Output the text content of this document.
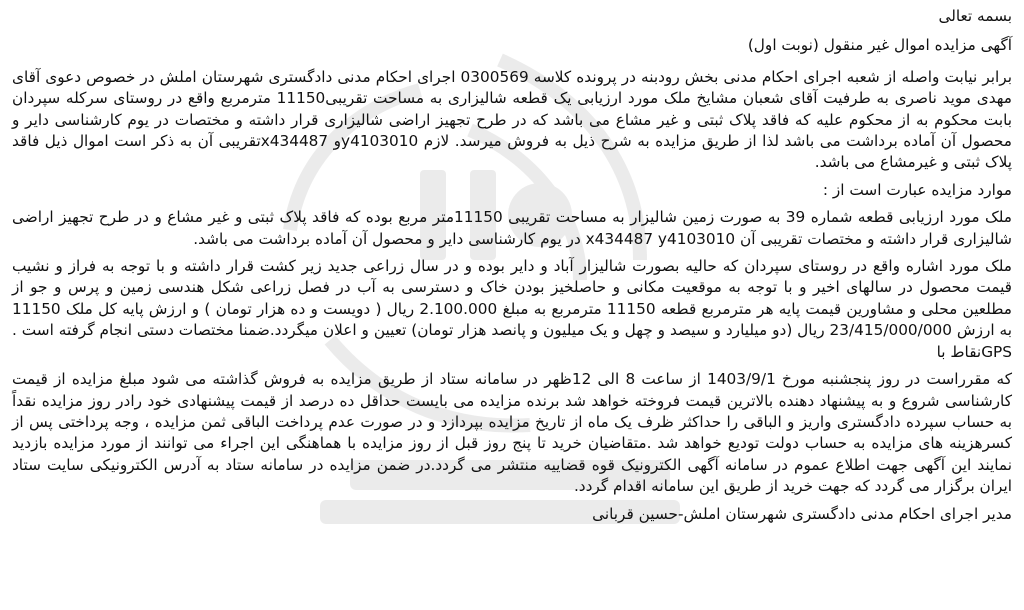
بسمه تعالی

آگهی مزایده اموال غیر منقول (نوبت اول)

برابر نیابت واصله از شعبه اجرای احکام مدنی بخش رودبنه در پرونده کلاسه 0300569 اجرای احکام مدنی دادگستری شهرستان املش در خصوص دعوی آقای مهدی موید ناصری به طرفیت آقای شعبان مشایخ ملک مورد ارزیابی یک قطعه شالیزاری به مساحت تقریبی11150 مترمربع واقع در روستای سرکله سپردان بابت محکوم به از محکوم علیه که فاقد پلاک ثبتی و غیر مشاع می باشد که در طرح تجهیز اراضی شالیزاری قرار داشته و مختصات در یوم کارشناسی دایر و محصول آن آماده برداشت می باشد لذا از طریق مزایده به شرح ذیل به فروش میرسد. لازم y4103010و x434487تقریبی آن به ذکر است اموال ذیل فاقد پلاک ثبتی و غیرمشاع می باشد.

موارد مزایده عبارت است از :

ملک مورد ارزیابی قطعه شماره 39 به صورت زمین شالیزار به مساحت تقریبی 11150متر مربع بوده که فاقد پلاک ثبتی و غیر مشاع و در طرح تجهیز اراضی شالیزاری قرار داشته و مختصات تقریبی آن x434487 y4103010 در یوم کارشناسی دایر و محصول آن آماده برداشت می باشد.

ملک مورد اشاره واقع در روستای سپردان که حالیه بصورت شالیزار آباد و دایر بوده و در سال زراعی جدید زیر کشت قرار داشته و با توجه به فراز و نشیب قیمت محصول در سالهای اخیر و با توجه به موقعیت مکانی و حاصلخیز بودن خاک و دسترسی به آب در فصل زراعی شکل هندسی زمین و پرس و جو از مطلعین محلی و مشاورین قیمت پایه هر مترمربع قطعه 11150 مترمربع به مبلغ 2.100.000 ریال ( دویست و ده هزار تومان ) و ارزش پایه کل ملک 11150 به ارزش 23/415/000/000 ریال (دو میلیارد و سیصد و چهل و یک میلیون و پانصد هزار تومان) تعیین و اعلان میگردد.ضمنا مختصات دستی انجام گرفته است . GPSنقاط با

که مقرراست در روز پنجشنبه مورخ 1403/9/1 از ساعت 8 الی 12ظهر در سامانه ستاد از طریق مزایده به فروش گذاشته می شود مبلغ مزایده از قیمت کارشناسی شروع و به پیشنهاد دهنده بالاترین قیمت فروخته خواهد شد برنده مزایده می بایست حداقل ده درصد از قیمت پیشنهادی خود رادر روز مزایده نقداً به حساب سپرده دادگستری واریز و الباقی را حداکثر ظرف یک ماه از تاریخ مزایده بپردازد و در صورت عدم پرداخت الباقی ثمن مزایده ، وجه پرداختی پس از کسرهزینه های مزایده به حساب دولت تودیع خواهد شد .متقاضیان خرید تا پنج روز قبل از روز مزایده با هماهنگی این اجراء می توانند از مورد مزایده بازدید نمایند این آگهی جهت اطلاع عموم در سامانه آگهی الکترونیک قوه قضاییه منتشر می گردد.در ضمن مزایده در سامانه ستاد به آدرس الکترونیکی سایت ستاد ایران برگزار می گردد که جهت خرید از طریق این سامانه اقدام گردد.

مدیر اجرای احکام مدنی دادگستری شهرستان املش-حسین قربانی
